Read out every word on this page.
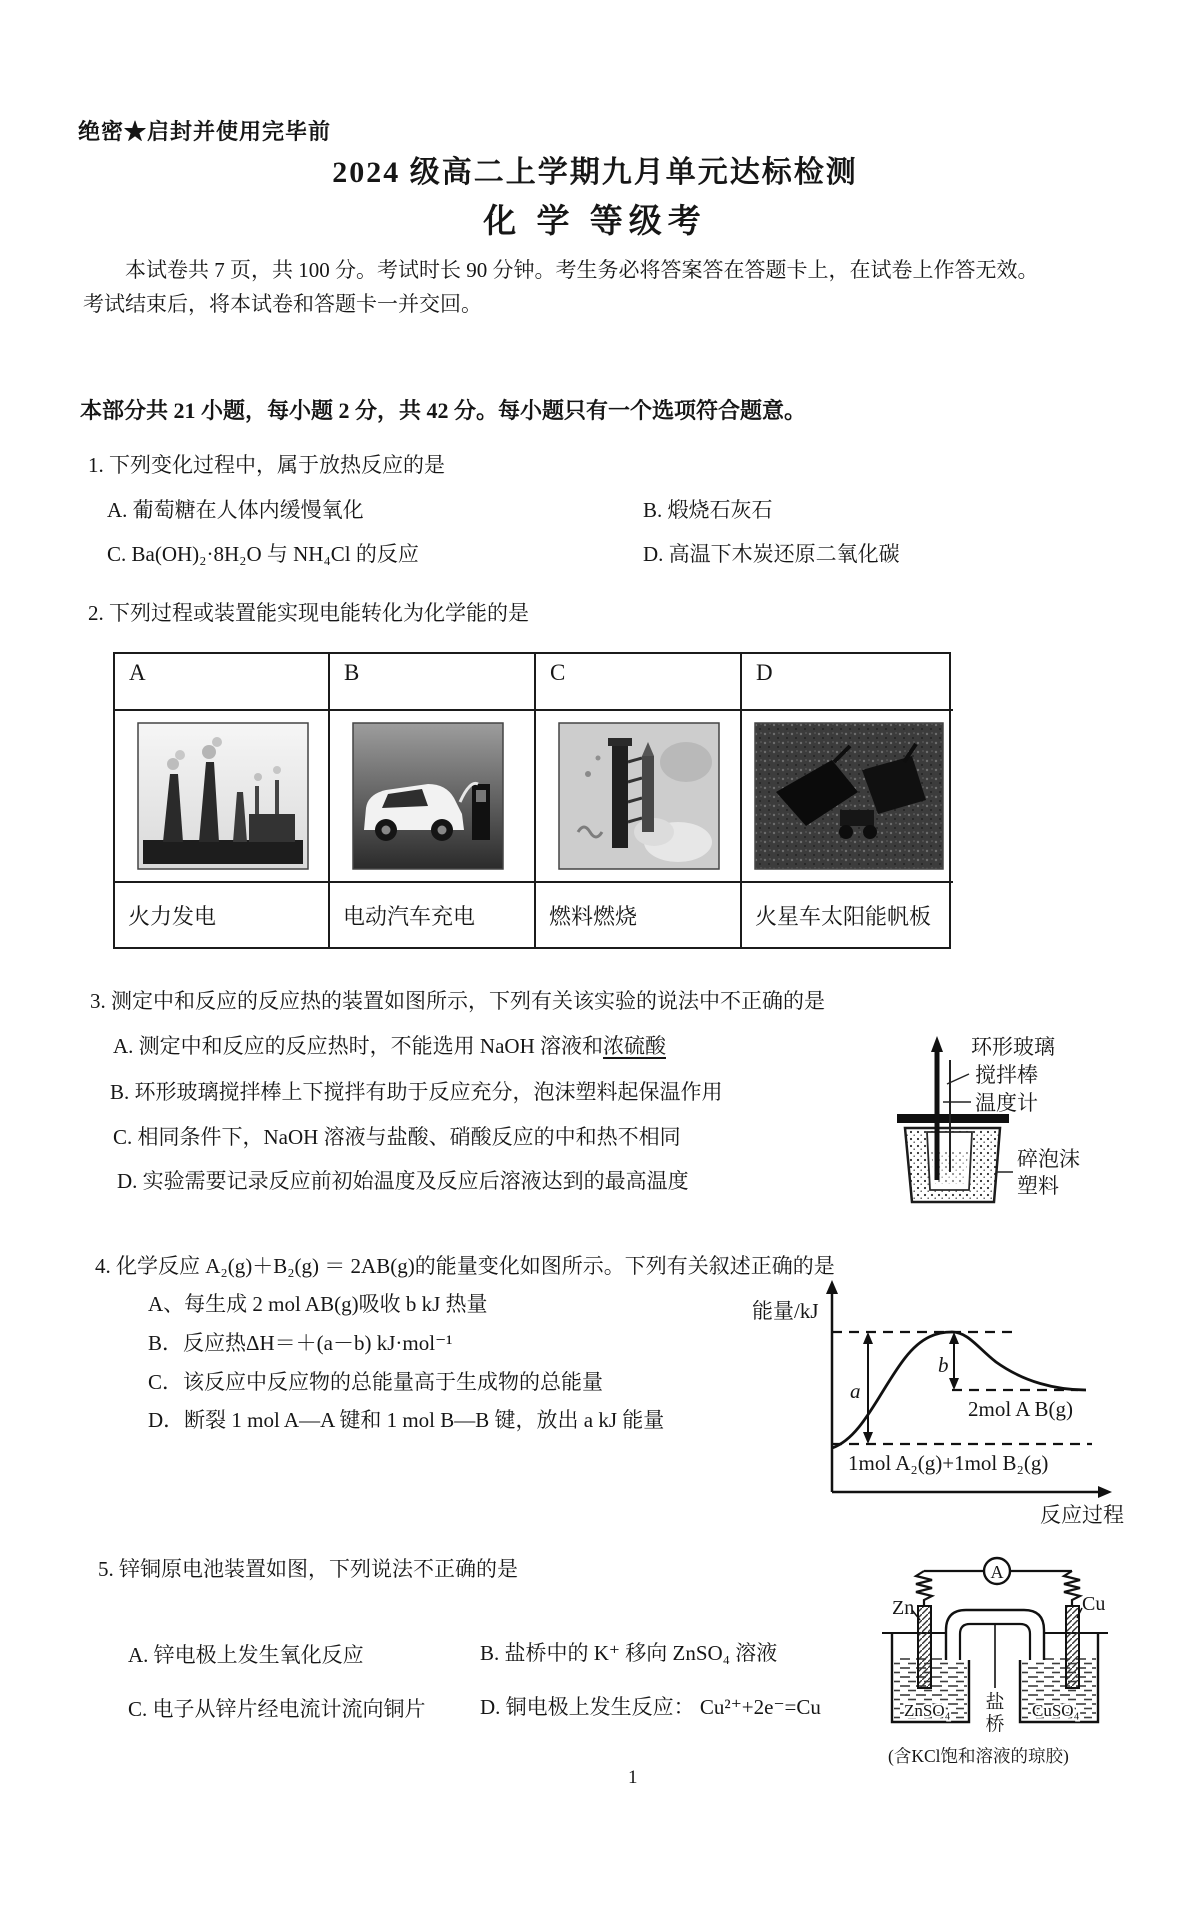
绝密★启封并使用完毕前
2024 级高二上学期九月单元达标检测
化 学 等级考
本试卷共 7 页，共 100 分。考试时长 90 分钟。考生务必将答案答在答题卡上，在试卷上作答无效。
考试结束后，将本试卷和答题卡一并交回。
本部分共 21 小题，每小题 2 分，共 42 分。每小题只有一个选项符合题意。
1. 下列变化过程中，属于放热反应的是
A. 葡萄糖在人体内缓慢氧化	B. 煅烧石灰石
C. Ba(OH)₂·8H₂O 与 NH₄Cl 的反应	D. 高温下木炭还原二氧化碳
2. 下列过程或装置能实现电能转化为化学能的是
A	B	C	D
火力发电	电动汽车充电	燃料燃烧	火星车太阳能帆板
3. 测定中和反应的反应热的装置如图所示，下列有关该实验的说法中不正确的是
A. 测定中和反应的反应热时，不能选用 NaOH 溶液和浓硫酸
B. 环形玻璃搅拌棒上下搅拌有助于反应充分，泡沫塑料起保温作用
C. 相同条件下，NaOH 溶液与盐酸、硝酸反应的中和热不相同
D. 实验需要记录反应前初始温度及反应后溶液达到的最高温度
环形玻璃
搅拌棒
温度计
碎泡沫
塑料
4. 化学反应 A₂(g)＋B₂(g) ＝ 2AB(g)的能量变化如图所示。下列有关叙述正确的是
A、每生成 2 mol AB(g)吸收 b kJ 热量
B．反应热ΔH＝＋(a－b) kJ·mol⁻¹
C．该反应中反应物的总能量高于生成物的总能量
D．断裂 1 mol A—A 键和 1 mol B—B 键，放出 a kJ 能量
a
b
能量/kJ
2mol A B(g)
1mol A₂(g)+1mol B₂(g)
反应过程
5. 锌铜原电池装置如图，下列说法不正确的是
A. 锌电极上发生氧化反应	B. 盐桥中的 K⁺ 移向 ZnSO₄ 溶液
C. 电子从锌片经电流计流向铜片	D. 铜电极上发生反应： Cu²⁺+2e⁻=Cu
A
Zn	Cu
ZnSO₄	CuSO₄
盐
桥
(含KCl饱和溶液的琼胶)
1
